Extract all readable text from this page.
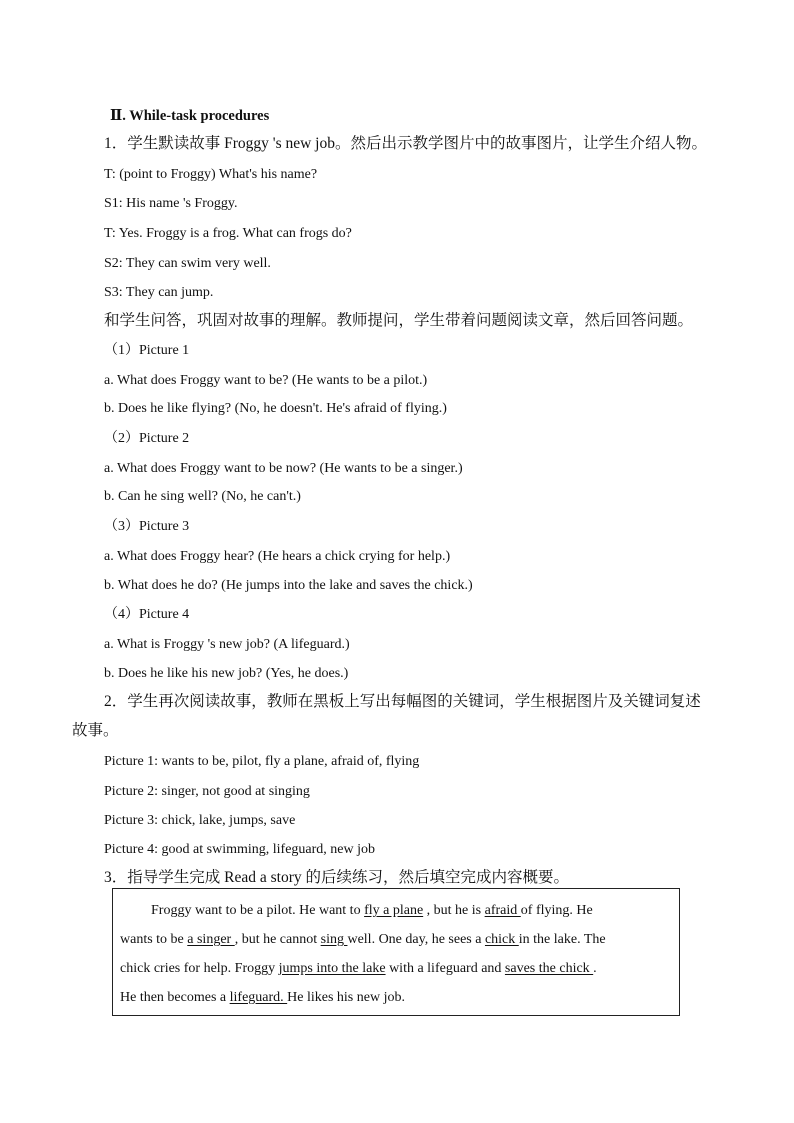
Ⅱ. While-task procedures
1．学生默读故事 Froggy 's new job。然后出示教学图片中的故事图片，让学生介绍人物。
T: (point to Froggy) What's his name?
S1: His name 's Froggy.
T: Yes. Froggy is a frog. What can frogs do?
S2: They can swim very well.
S3: They can jump.
和学生问答，巩固对故事的理解。教师提问，学生带着问题阅读文章，然后回答问题。
（1）Picture 1
a. What does Froggy want to be? (He wants to be a pilot.)
b. Does he like flying? (No, he doesn't. He's afraid of flying.)
（2）Picture 2
a. What does Froggy want to be now? (He wants to be a singer.)
b. Can he sing well? (No, he can't.)
（3）Picture 3
a. What does Froggy hear? (He hears a chick crying for help.)
b. What does he do? (He jumps into the lake and saves the chick.)
（4）Picture 4
a. What is Froggy 's new job? (A lifeguard.)
b. Does he like his new job? (Yes, he does.)
2．学生再次阅读故事，教师在黑板上写出每幅图的关键词，学生根据图片及关键词复述
故事。
Picture 1: wants to be, pilot, fly a plane, afraid of, flying
Picture 2: singer, not good at singing
Picture 3: chick, lake, jumps, save
Picture 4: good at swimming, lifeguard, new job
3．指导学生完成 Read a story 的后续练习，然后填空完成内容概要。
Froggy want to be a pilot. He want to fly a plane , but he is afraid of flying. He
wants to be a singer , but he cannot sing well. One day, he sees a chick in the lake. The
chick cries for help. Froggy jumps into the lake with a lifeguard and saves the chick .
He then becomes a lifeguard. He likes his new job.
